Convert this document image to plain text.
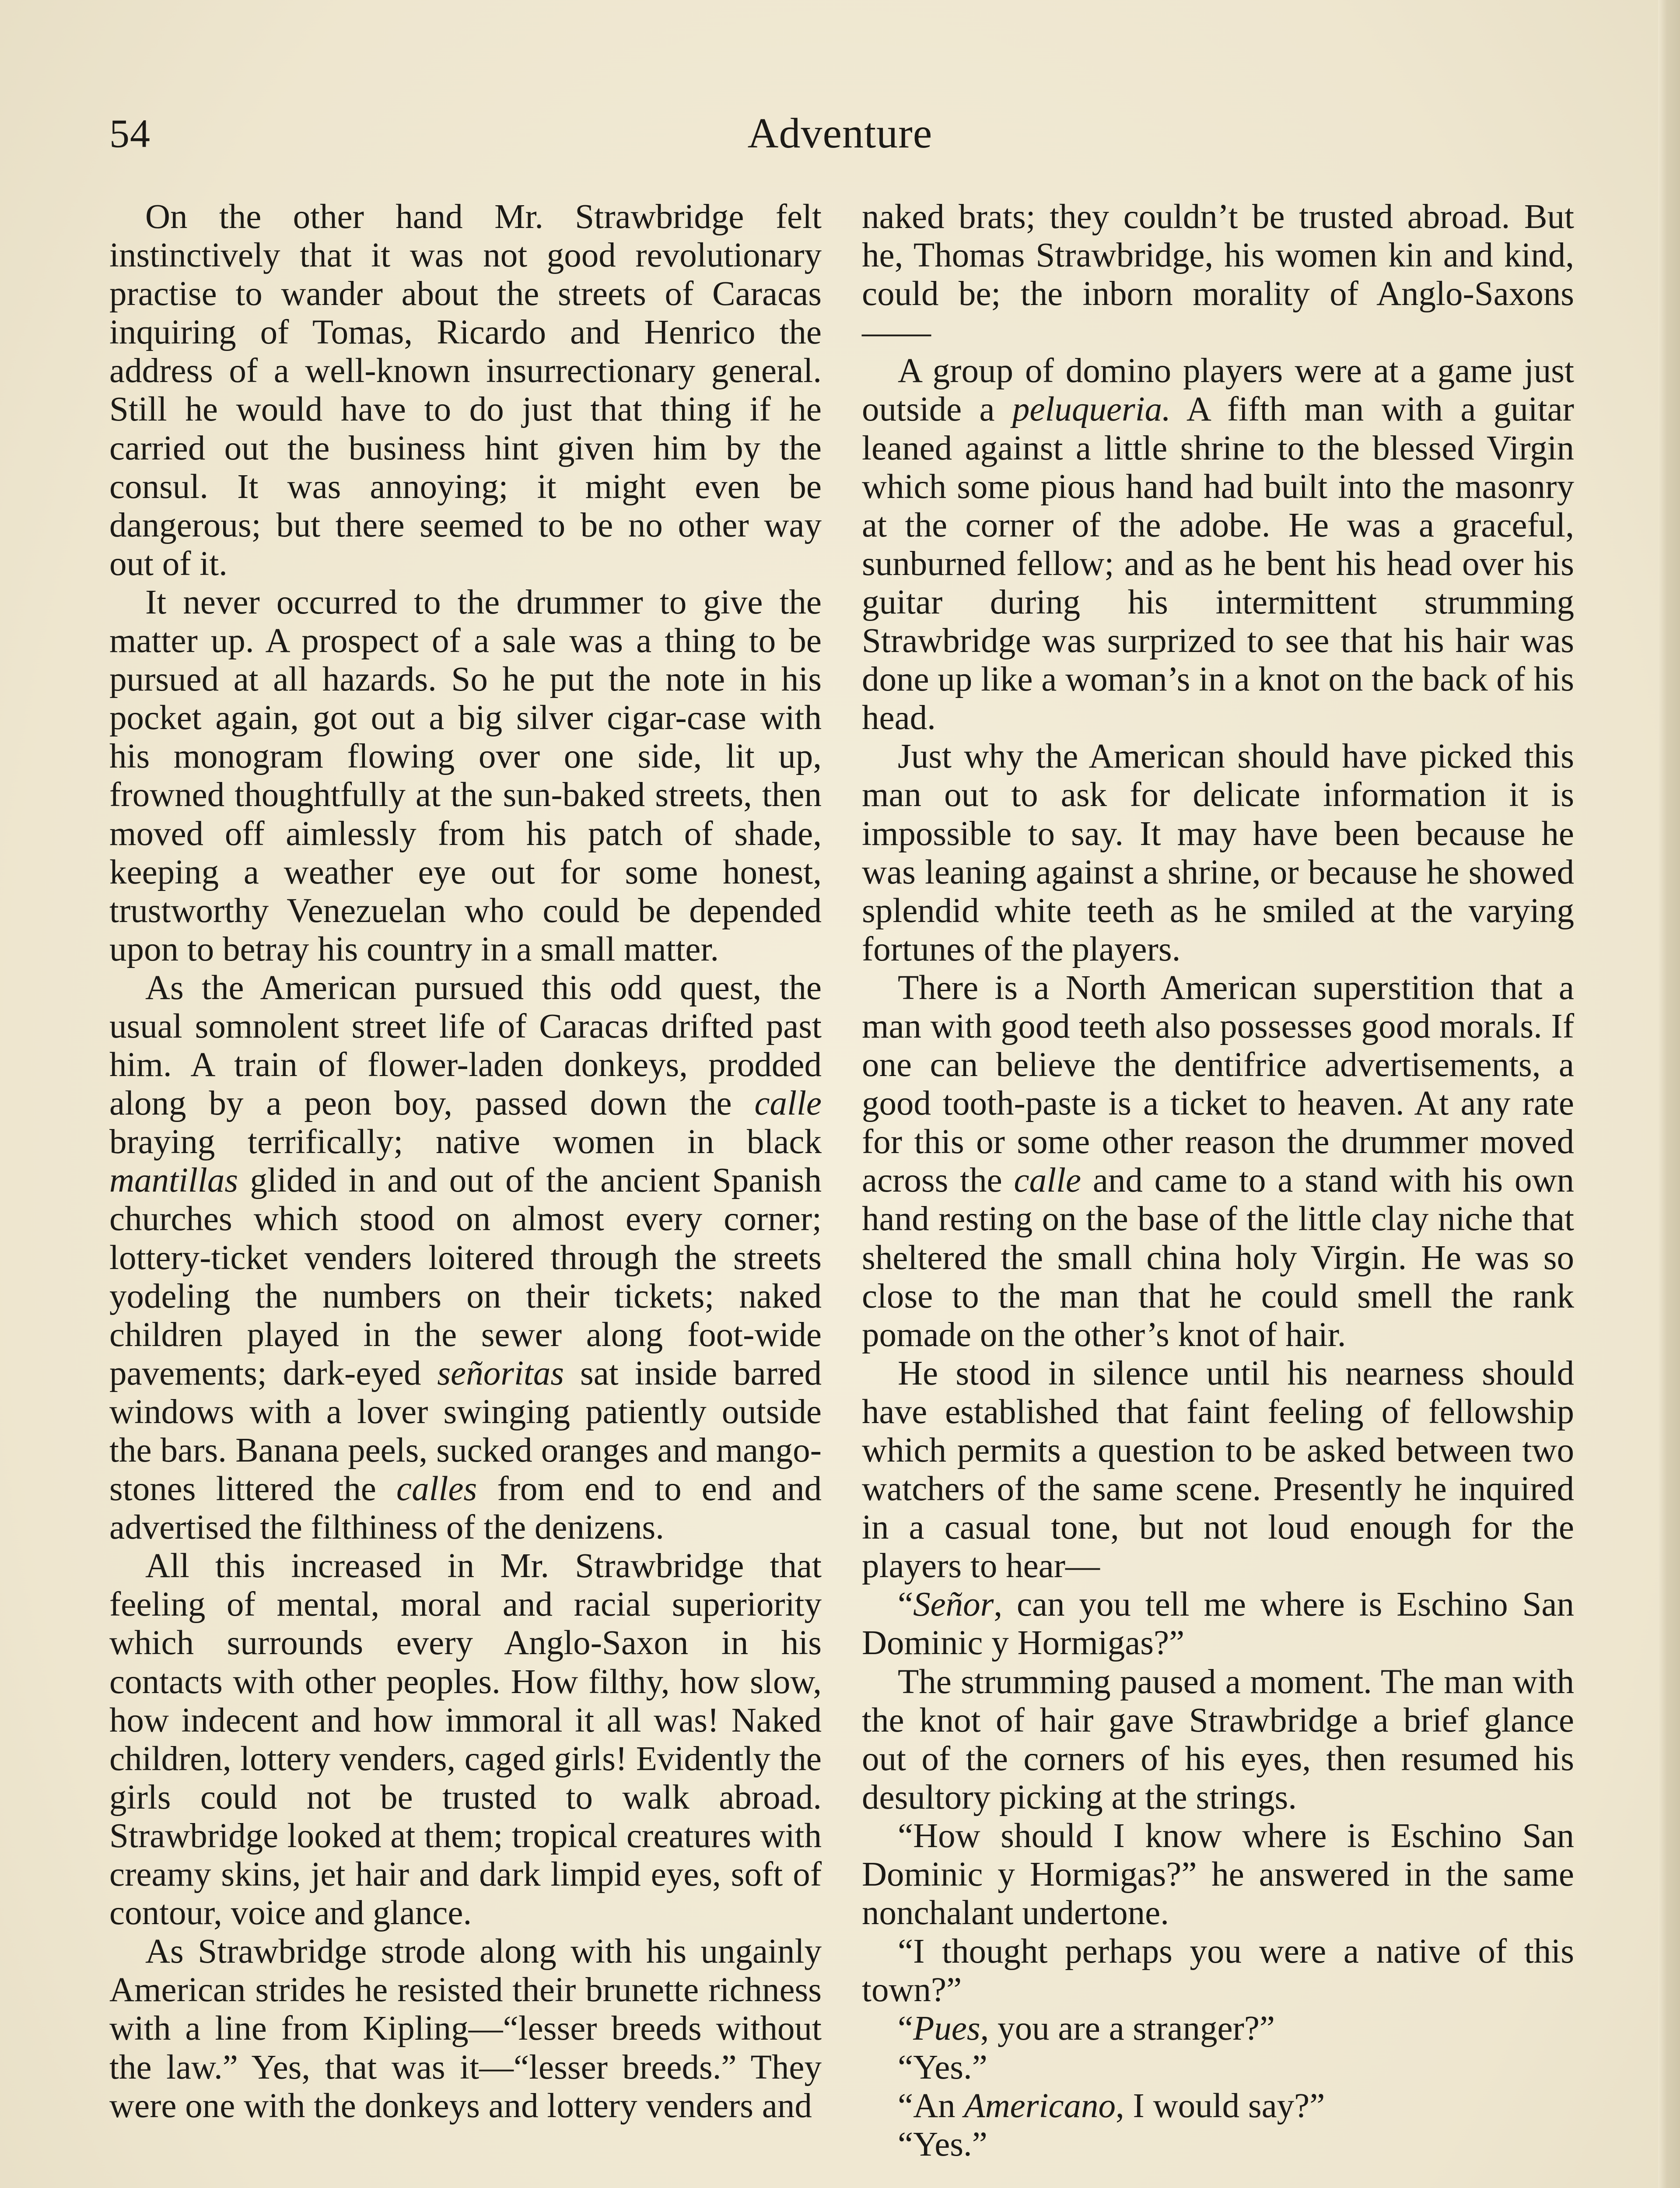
54	Adventure

On the other hand Mr. Strawbridge felt instinctively that it was not good revolutionary practise to wander about the streets of Caracas inquiring of Tomas, Ricardo and Henrico the address of a well-known insurrectionary general. Still he would have to do just that thing if he carried out the business hint given him by the consul. It was annoying; it might even be dangerous; but there seemed to be no other way out of it.

It never occurred to the drummer to give the matter up. A prospect of a sale was a thing to be pursued at all hazards. So he put the note in his pocket again, got out a big silver cigar-case with his monogram flowing over one side, lit up, frowned thoughtfully at the sun-baked streets, then moved off aimlessly from his patch of shade, keeping a weather eye out for some honest, trustworthy Venezuelan who could be depended upon to betray his country in a small matter.

As the American pursued this odd quest, the usual somnolent street life of Caracas drifted past him. A train of flower-laden donkeys, prodded along by a peon boy, passed down the calle braying terrifically; native women in black mantillas glided in and out of the ancient Spanish churches which stood on almost every corner; lottery-ticket venders loitered through the streets yodeling the numbers on their tickets; naked children played in the sewer along foot-wide pavements; dark-eyed señoritas sat inside barred windows with a lover swinging patiently outside the bars. Banana peels, sucked oranges and mango-stones littered the calles from end to end and advertised the filthiness of the denizens.

All this increased in Mr. Strawbridge that feeling of mental, moral and racial superiority which surrounds every Anglo-Saxon in his contacts with other peoples. How filthy, how slow, how indecent and how immoral it all was! Naked children, lottery venders, caged girls! Evidently the girls could not be trusted to walk abroad. Strawbridge looked at them; tropical creatures with creamy skins, jet hair and dark limpid eyes, soft of contour, voice and glance.

As Strawbridge strode along with his ungainly American strides he resisted their brunette richness with a line from Kipling—“lesser breeds without the law.” Yes, that was it—“lesser breeds.” They were one with the donkeys and lottery venders and

naked brats; they couldn’t be trusted abroad. But he, Thomas Strawbridge, his women kin and kind, could be; the inborn morality of Anglo-Saxons——

A group of domino players were at a game just outside a peluqueria. A fifth man with a guitar leaned against a little shrine to the blessed Virgin which some pious hand had built into the masonry at the corner of the adobe. He was a graceful, sunburned fellow; and as he bent his head over his guitar during his intermittent strumming Strawbridge was surprized to see that his hair was done up like a woman’s in a knot on the back of his head.

Just why the American should have picked this man out to ask for delicate information it is impossible to say. It may have been because he was leaning against a shrine, or because he showed splendid white teeth as he smiled at the varying fortunes of the players.

There is a North American superstition that a man with good teeth also possesses good morals. If one can believe the dentifrice advertisements, a good tooth-paste is a ticket to heaven. At any rate for this or some other reason the drummer moved across the calle and came to a stand with his own hand resting on the base of the little clay niche that sheltered the small china holy Virgin. He was so close to the man that he could smell the rank pomade on the other’s knot of hair.

He stood in silence until his nearness should have established that faint feeling of fellowship which permits a question to be asked between two watchers of the same scene. Presently he inquired in a casual tone, but not loud enough for the players to hear—

“Señor, can you tell me where is Eschino San Dominic y Hormigas?”

The strumming paused a moment. The man with the knot of hair gave Strawbridge a brief glance out of the corners of his eyes, then resumed his desultory picking at the strings.

“How should I know where is Eschino San Dominic y Hormigas?” he answered in the same nonchalant undertone.

“I thought perhaps you were a native of this town?”

“Pues, you are a stranger?”

“Yes.”

“An Americano, I would say?”

“Yes.”
